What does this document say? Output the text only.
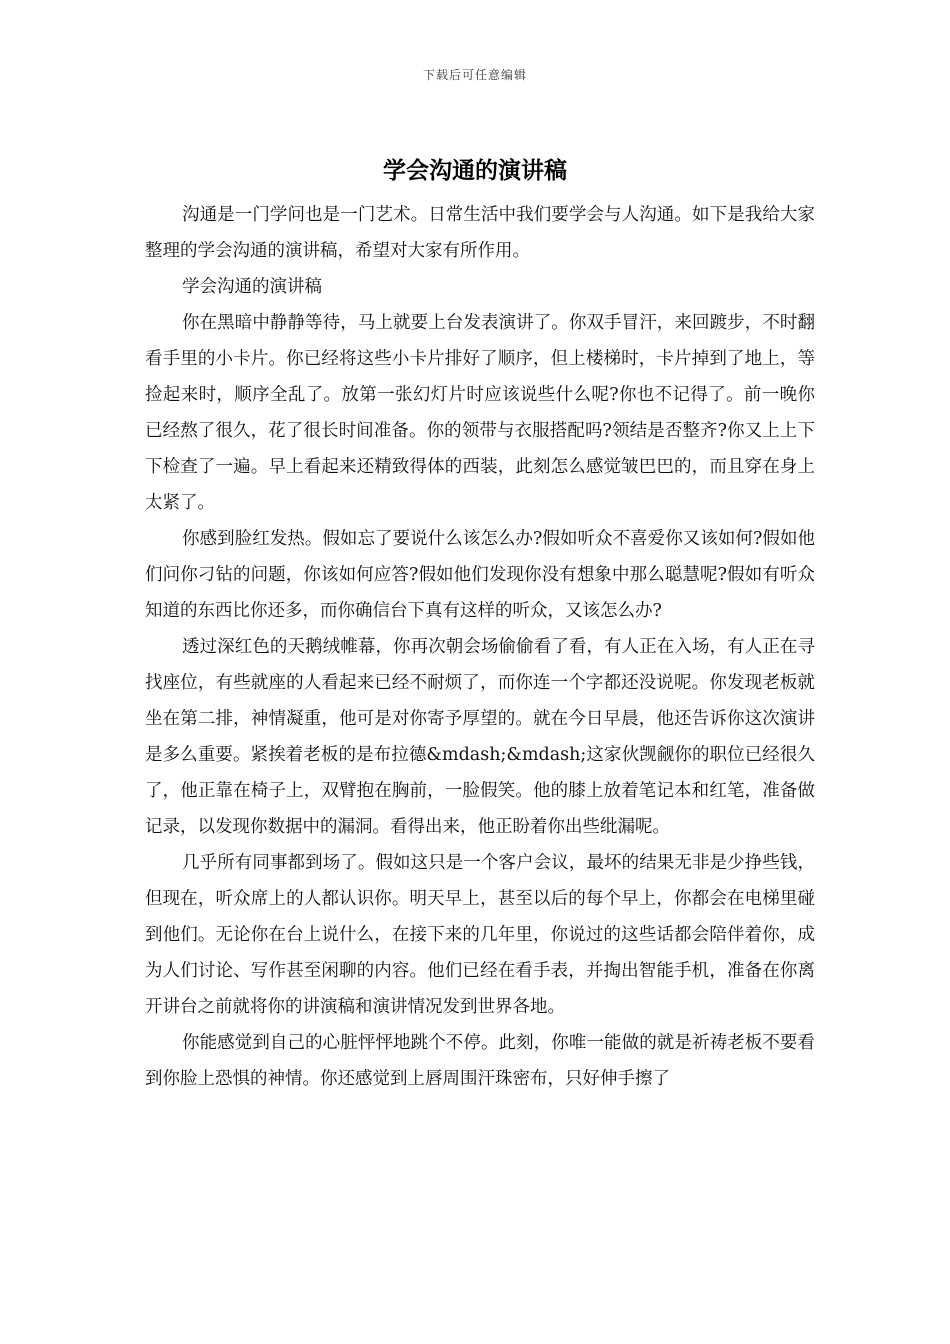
下载后可任意编辑
学会沟通的演讲稿

沟通是一门学问也是一门艺术。日常生活中我们要学会与人沟通。如下是我给大家整理的学会沟通的演讲稿，希望对大家有所作用。

学会沟通的演讲稿

你在黑暗中静静等待，马上就要上台发表演讲了。你双手冒汗，来回踱步，不时翻看手里的小卡片。你已经将这些小卡片排好了顺序，但上楼梯时，卡片掉到了地上，等捡起来时，顺序全乱了。放第一张幻灯片时应该说些什么呢?你也不记得了。前一晚你已经熬了很久，花了很长时间准备。你的领带与衣服搭配吗?领结是否整齐?你又上上下下检查了一遍。早上看起来还精致得体的西装，此刻怎么感觉皱巴巴的，而且穿在身上太紧了。

你感到脸红发热。假如忘了要说什么该怎么办?假如听众不喜爱你又该如何?假如他们问你刁钻的问题，你该如何应答?假如他们发现你没有想象中那么聪慧呢?假如有听众知道的东西比你还多，而你确信台下真有这样的听众，又该怎么办?

透过深红色的天鹅绒帷幕，你再次朝会场偷偷看了看，有人正在入场，有人正在寻找座位，有些就座的人看起来已经不耐烦了，而你连一个字都还没说呢。你发现老板就坐在第二排，神情凝重，他可是对你寄予厚望的。就在今日早晨，他还告诉你这次演讲是多么重要。紧挨着老板的是布拉德&mdash;&mdash;这家伙觊觎你的职位已经很久了，他正靠在椅子上，双臂抱在胸前，一脸假笑。他的膝上放着笔记本和红笔，准备做记录，以发现你数据中的漏洞。看得出来，他正盼着你出些纰漏呢。

几乎所有同事都到场了。假如这只是一个客户会议，最坏的结果无非是少挣些钱，但现在，听众席上的人都认识你。明天早上，甚至以后的每个早上，你都会在电梯里碰到他们。无论你在台上说什么，在接下来的几年里，你说过的这些话都会陪伴着你，成为人们讨论、写作甚至闲聊的内容。他们已经在看手表，并掏出智能手机，准备在你离开讲台之前就将你的讲演稿和演讲情况发到世界各地。

你能感觉到自己的心脏怦怦地跳个不停。此刻，你唯一能做的就是祈祷老板不要看到你脸上恐惧的神情。你还感觉到上唇周围汗珠密布，只好伸手擦了
